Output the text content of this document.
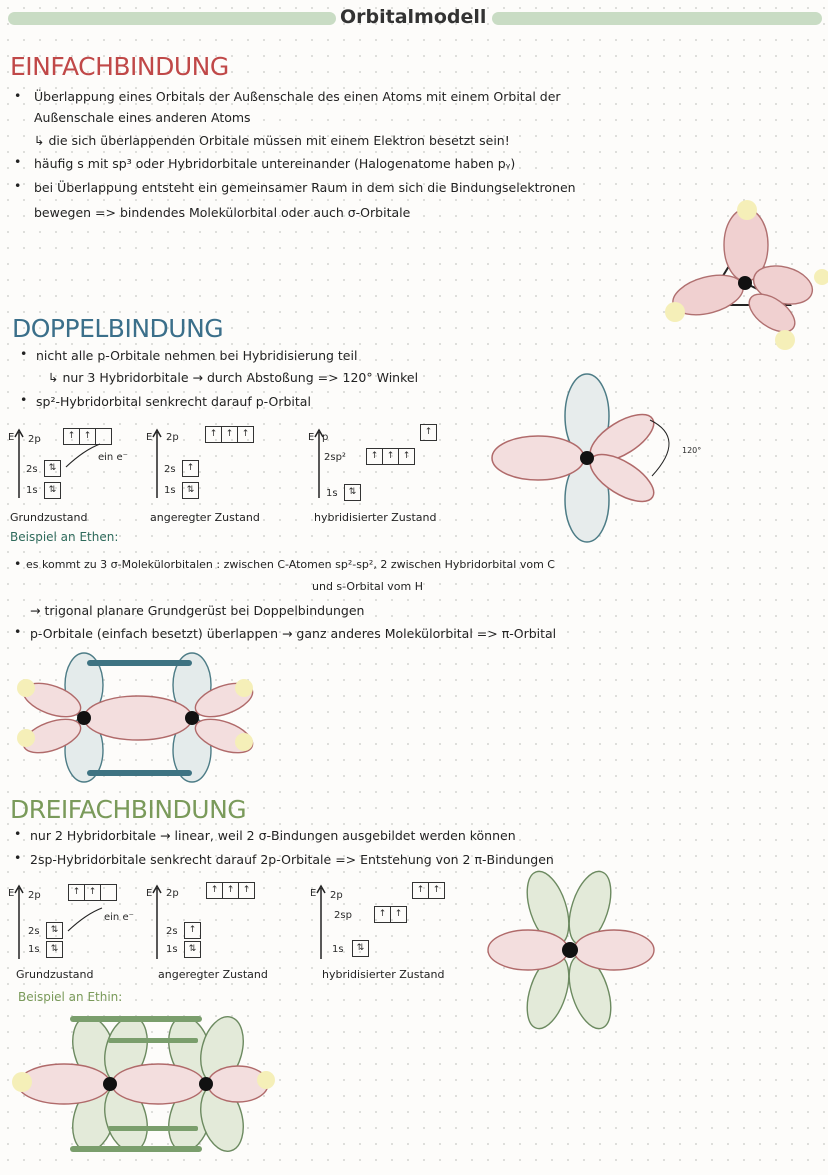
Orbitalmodell
EINFACHBINDUNG
• Überlappung eines Orbitals der Außenschale des einen Atoms mit einem Orbital der
Außenschale eines anderen Atoms
↳ die sich überlappenden Orbitale müssen mit einem Elektron besetzt sein!
• häufig s mit sp³ oder Hybridorbitale untereinander (Halogenatome haben pᵧ)
• bei Überlappung entsteht ein gemeinsamer Raum in dem sich die Bindungselektronen
bewegen => bindendes Molekülorbital oder auch σ-Orbitale
DOPPELBINDUNG
• nicht alle p-Orbitale nehmen bei Hybridisierung teil
↳ nur 3 Hybridorbitale → durch Abstoßung => 120° Winkel
• sp²-Hybridorbital senkrecht darauf p-Orbital
E 2p	↑ ↑
2s	⇅
1s	⇅
ein e⁻
Grundzustand
E 2p	↑ ↑ ↑
2s	↑
1s	⇅
angeregter Zustand
E p	↑
2sp²	↑ ↑ ↑
1s	⇅
hybridisierter Zustand
120°
Beispiel an Ethen:
• es kommt zu 3 σ-Molekülorbitalen : zwischen C-Atomen sp²-sp², 2 zwischen Hybridorbital vom C
und s-Orbital vom H
→ trigonal planare Grundgerüst bei Doppelbindungen
• p-Orbitale (einfach besetzt) überlappen → ganz anderes Molekülorbital => π-Orbital
DREIFACHBINDUNG
• nur 2 Hybridorbitale → linear, weil 2 σ-Bindungen ausgebildet werden können
• 2sp-Hybridorbitale senkrecht darauf 2p-Orbitale => Entstehung von 2 π-Bindungen
E 2p	↑ ↑
2s	⇅
1s	⇅
ein e⁻
Grundzustand
E 2p	↑ ↑ ↑
2s	↑
1s	⇅
angeregter Zustand
E 2p	↑ ↑
2sp	↑ ↑
1s	⇅
hybridisierter Zustand
Beispiel an Ethin:
